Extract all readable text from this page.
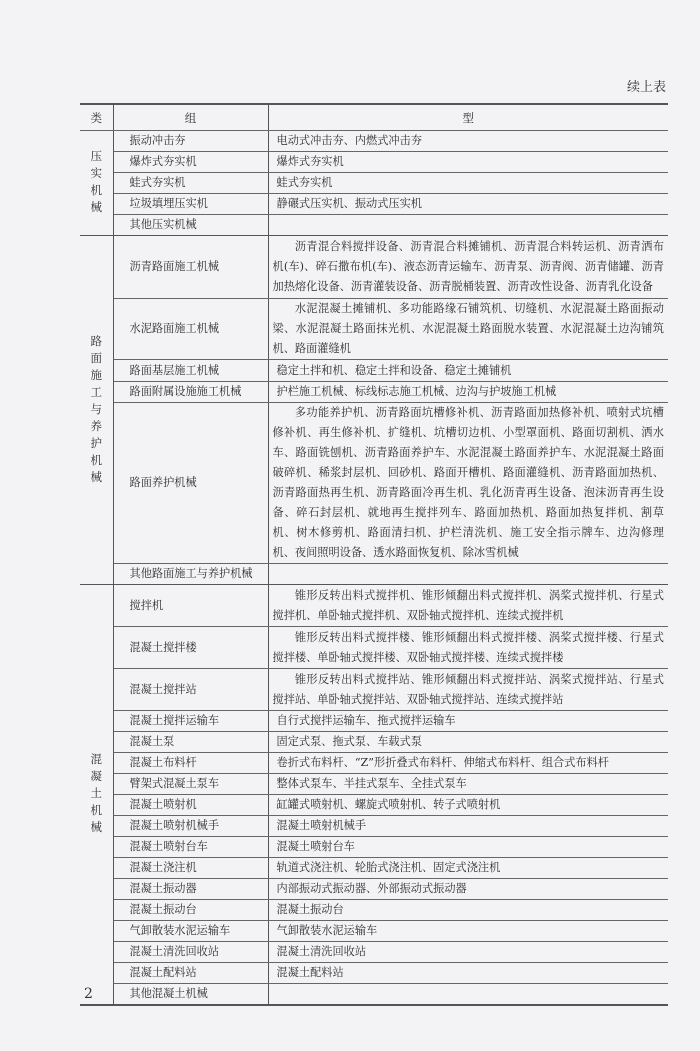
续上表
类	组	型
压实机械	振动冲击夯	电动式冲击夯、内燃式冲击夯
	爆炸式夯实机	爆炸式夯实机
	蛙式夯实机	蛙式夯实机
	垃圾填埋压实机	静碾式压实机、振动式压实机
	其他压实机械	
路面施工与养护机械	沥青路面施工机械	沥青混合料搅拌设备、沥青混合料摊铺机、沥青混合料转运机、沥青洒布机(车)、碎石撒布机(车)、液态沥青运输车、沥青泵、沥青阀、沥青储罐、沥青加热熔化设备、沥青灌装设备、沥青脱桶装置、沥青改性设备、沥青乳化设备
	水泥路面施工机械	水泥混凝土摊铺机、多功能路缘石铺筑机、切缝机、水泥混凝土路面振动梁、水泥混凝土路面抹光机、水泥混凝土路面脱水装置、水泥混凝土边沟铺筑机、路面灌缝机
	路面基层施工机械	稳定土拌和机、稳定土拌和设备、稳定土摊铺机
	路面附属设施施工机械	护栏施工机械、标线标志施工机械、边沟与护坡施工机械
	路面养护机械	多功能养护机、沥青路面坑槽修补机、沥青路面加热修补机、喷射式坑槽修补机、再生修补机、扩缝机、坑槽切边机、小型罩面机、路面切割机、洒水车、路面铣刨机、沥青路面养护车、水泥混凝土路面养护车、水泥混凝土路面破碎机、稀浆封层机、回砂机、路面开槽机、路面灌缝机、沥青路面加热机、沥青路面热再生机、沥青路面冷再生机、乳化沥青再生设备、泡沫沥青再生设备、碎石封层机、就地再生搅拌列车、路面加热机、路面加热复拌机、割草机、树木修剪机、路面清扫机、护栏清洗机、施工安全指示牌车、边沟修理机、夜间照明设备、透水路面恢复机、除冰雪机械
	其他路面施工与养护机械	
混凝土机械	搅拌机	锥形反转出料式搅拌机、锥形倾翻出料式搅拌机、涡桨式搅拌机、行星式搅拌机、单卧轴式搅拌机、双卧轴式搅拌机、连续式搅拌机
	混凝土搅拌楼	锥形反转出料式搅拌楼、锥形倾翻出料式搅拌楼、涡桨式搅拌楼、行星式搅拌楼、单卧轴式搅拌楼、双卧轴式搅拌楼、连续式搅拌楼
	混凝土搅拌站	锥形反转出料式搅拌站、锥形倾翻出料式搅拌站、涡桨式搅拌站、行星式搅拌站、单卧轴式搅拌站、双卧轴式搅拌站、连续式搅拌站
	混凝土搅拌运输车	自行式搅拌运输车、拖式搅拌运输车
	混凝土泵	固定式泵、拖式泵、车载式泵
	混凝土布料杆	卷折式布料杆、“Z”形折叠式布料杆、伸缩式布料杆、组合式布料杆
	臂架式混凝土泵车	整体式泵车、半挂式泵车、全挂式泵车
	混凝土喷射机	缸罐式喷射机、螺旋式喷射机、转子式喷射机
	混凝土喷射机械手	混凝土喷射机械手
	混凝土喷射台车	混凝土喷射台车
	混凝土浇注机	轨道式浇注机、轮胎式浇注机、固定式浇注机
	混凝土振动器	内部振动式振动器、外部振动式振动器
	混凝土振动台	混凝土振动台
	气卸散装水泥运输车	气卸散装水泥运输车
	混凝土清洗回收站	混凝土清洗回收站
	混凝土配料站	混凝土配料站
	其他混凝土机械	
2
